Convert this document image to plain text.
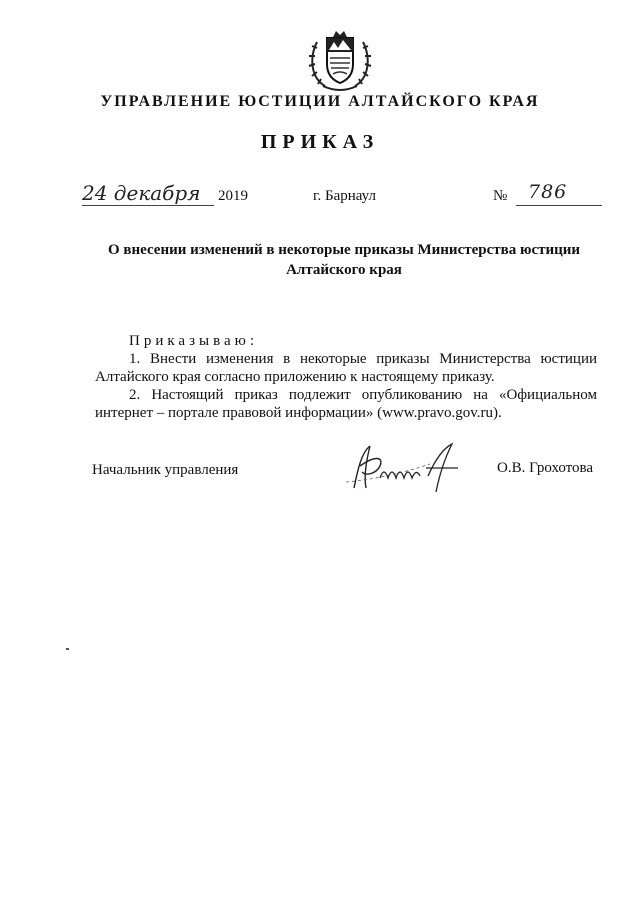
УПРАВЛЕНИЕ ЮСТИЦИИ АЛТАЙСКОГО КРАЯ
ПРИКАЗ
24 декабря	2019	г. Барнаул	№ 786
О внесении изменений в некоторые приказы Министерства юстиции Алтайского края

Приказываю:

1. Внести изменения в некоторые приказы Министерства юстиции Алтайского края согласно приложению к настоящему приказу.

2. Настоящий приказ подлежит опубликованию на «Официальном интернет – портале правовой информации» (www.pravo.gov.ru).

Начальник управления	О.В. Грохотова
